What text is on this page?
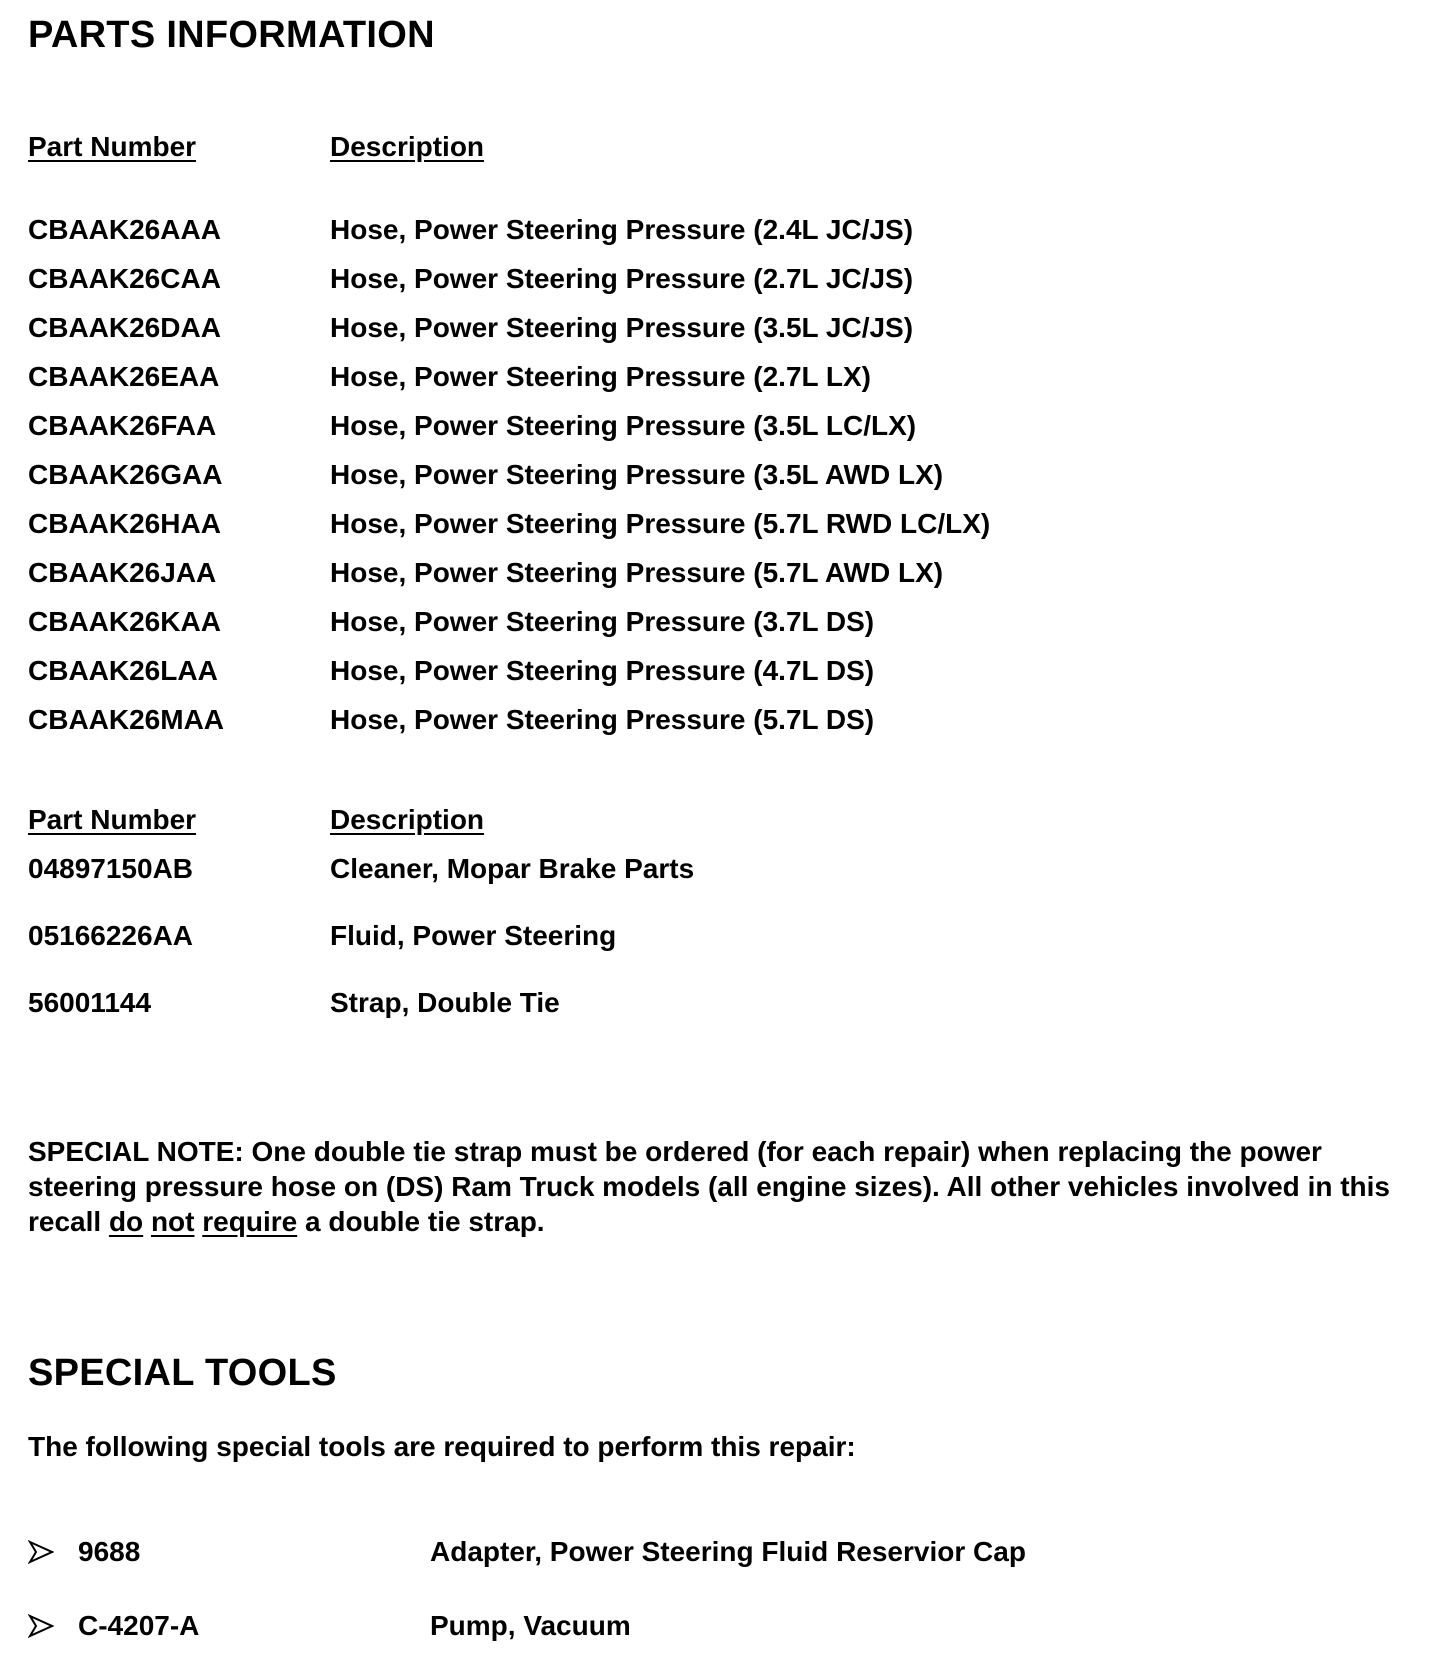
PARTS INFORMATION
Part Number	Description
CBAAK26AAA	Hose, Power Steering Pressure (2.4L JC/JS)
CBAAK26CAA	Hose, Power Steering Pressure (2.7L JC/JS)
CBAAK26DAA	Hose, Power Steering Pressure (3.5L JC/JS)
CBAAK26EAA	Hose, Power Steering Pressure (2.7L LX)
CBAAK26FAA	Hose, Power Steering Pressure (3.5L LC/LX)
CBAAK26GAA	Hose, Power Steering Pressure (3.5L AWD LX)
CBAAK26HAA	Hose, Power Steering Pressure (5.7L RWD LC/LX)
CBAAK26JAA	Hose, Power Steering Pressure (5.7L AWD LX)
CBAAK26KAA	Hose, Power Steering Pressure (3.7L DS)
CBAAK26LAA	Hose, Power Steering Pressure (4.7L DS)
CBAAK26MAA	Hose, Power Steering Pressure (5.7L DS)
Part Number	Description
04897150AB	Cleaner, Mopar Brake Parts
05166226AA	Fluid, Power Steering
56001144	Strap, Double Tie

SPECIAL NOTE: One double tie strap must be ordered (for each repair) when replacing the power steering pressure hose on (DS) Ram Truck models (all engine sizes). All other vehicles involved in this recall do not require a double tie strap.

SPECIAL TOOLS
The following special tools are required to perform this repair:
9688	Adapter, Power Steering Fluid Reservior Cap
C-4207-A	Pump, Vacuum
